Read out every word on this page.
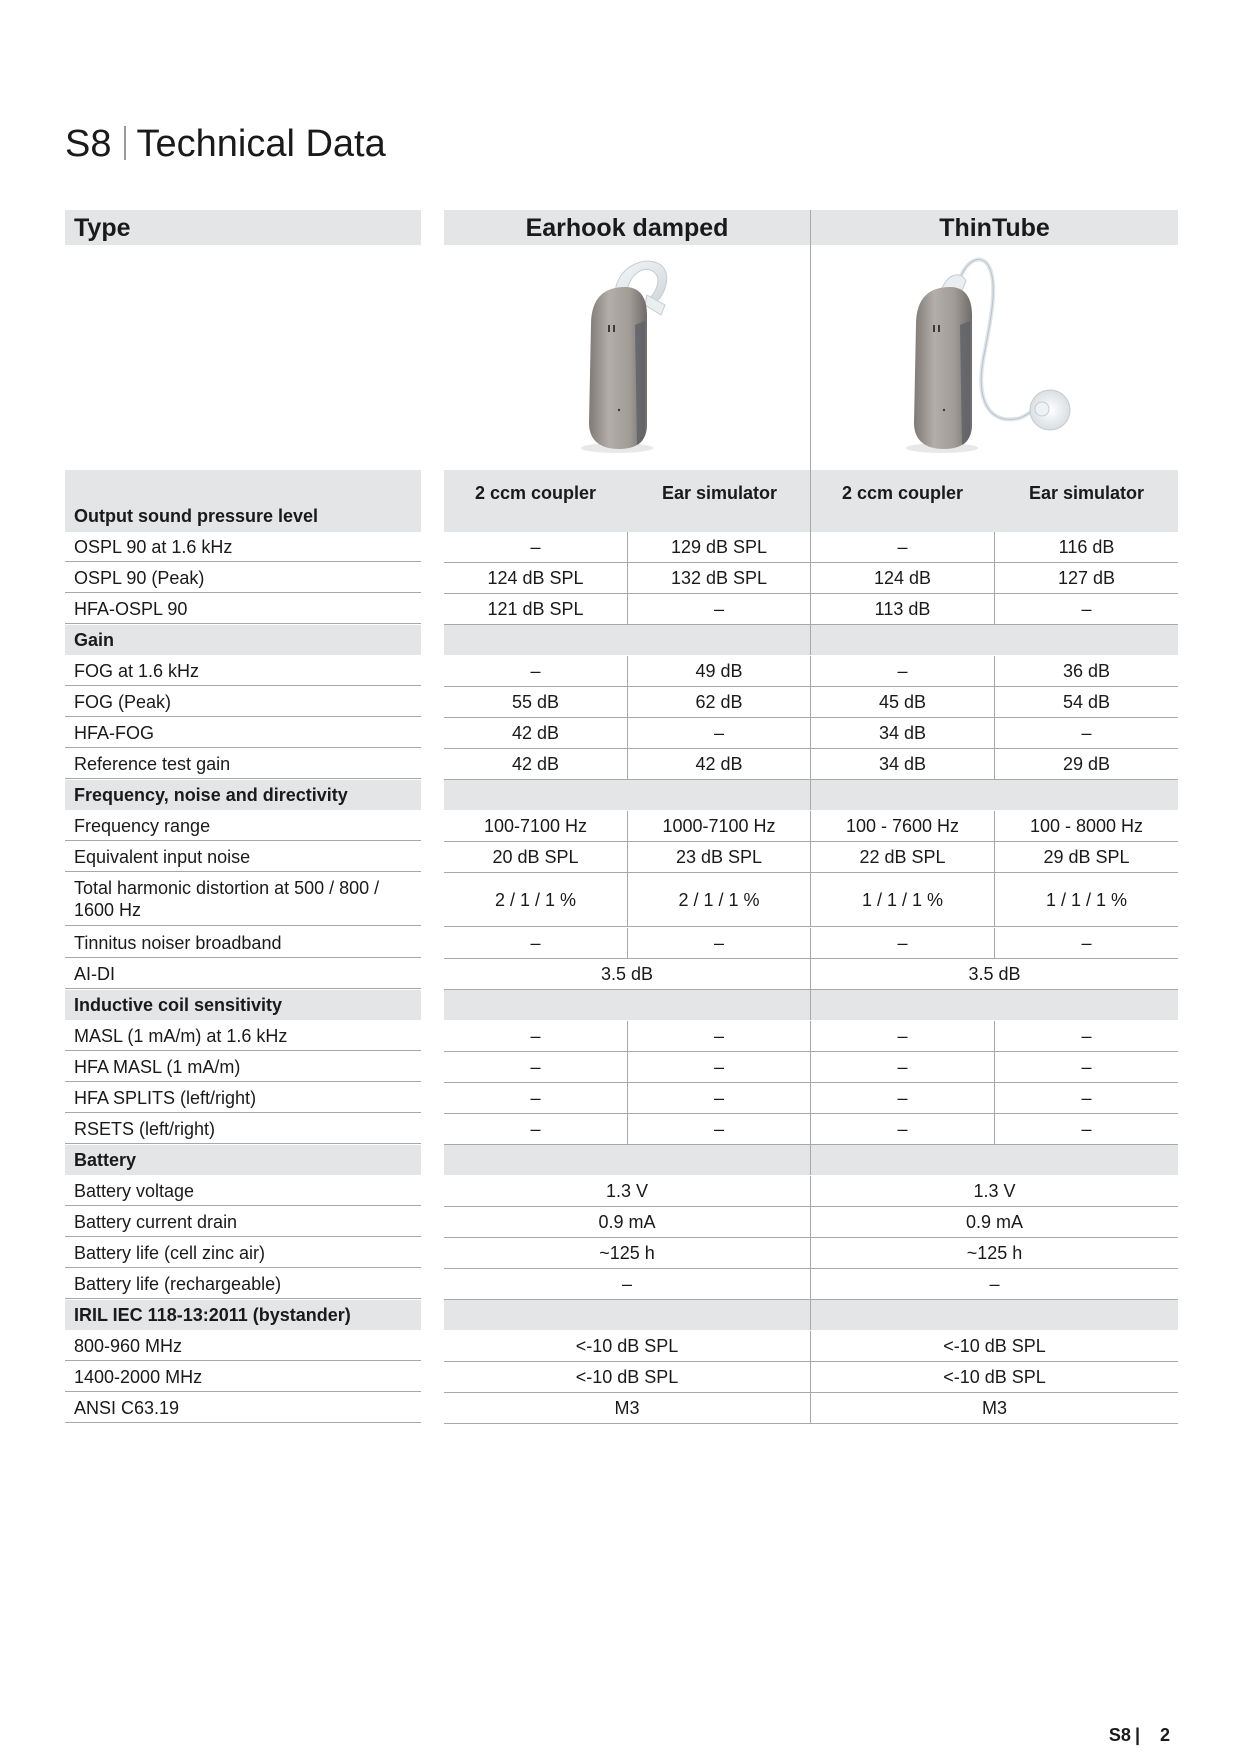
S8 Technical Data
Type	Earhook damped	ThinTube
Output sound pressure level
2 ccm coupler	Ear simulator	2 ccm coupler	Ear simulator
OSPL 90 at 1.6 kHz	–	129 dB SPL	–	116 dB
OSPL 90 (Peak)	124 dB SPL	132 dB SPL	124 dB	127 dB
HFA-OSPL 90	121 dB SPL	–	113 dB	–
Gain
FOG at 1.6 kHz	–	49 dB	–	36 dB
FOG (Peak)	55 dB	62 dB	45 dB	54 dB
HFA-FOG	42 dB	–	34 dB	–
Reference test gain	42 dB	42 dB	34 dB	29 dB
Frequency, noise and directivity
Frequency range	100-7100 Hz	1000-7100 Hz	100 - 7600 Hz	100 - 8000 Hz
Equivalent input noise	20 dB SPL	23 dB SPL	22 dB SPL	29 dB SPL
Total harmonic distortion at 500 / 800 / 1600 Hz	2 / 1 / 1 %	2 / 1 / 1 %	1 / 1 / 1 %	1 / 1 / 1 %
Tinnitus noiser broadband	–	–	–	–
AI-DI	3.5 dB	3.5 dB
Inductive coil sensitivity
MASL (1 mA/m) at 1.6 kHz	–	–	–	–
HFA MASL (1 mA/m)	–	–	–	–
HFA SPLITS (left/right)	–	–	–	–
RSETS (left/right)	–	–	–	–
Battery
Battery voltage	1.3 V	1.3 V
Battery current drain	0.9 mA	0.9 mA
Battery life (cell zinc air)	~125 h	~125 h
Battery life (rechargeable)	–	–
IRIL IEC 118-13:2011 (bystander)
800-960 MHz	<-10 dB SPL	<-10 dB SPL
1400-2000 MHz	<-10 dB SPL	<-10 dB SPL
ANSI C63.19	M3	M3
S8 | 2
